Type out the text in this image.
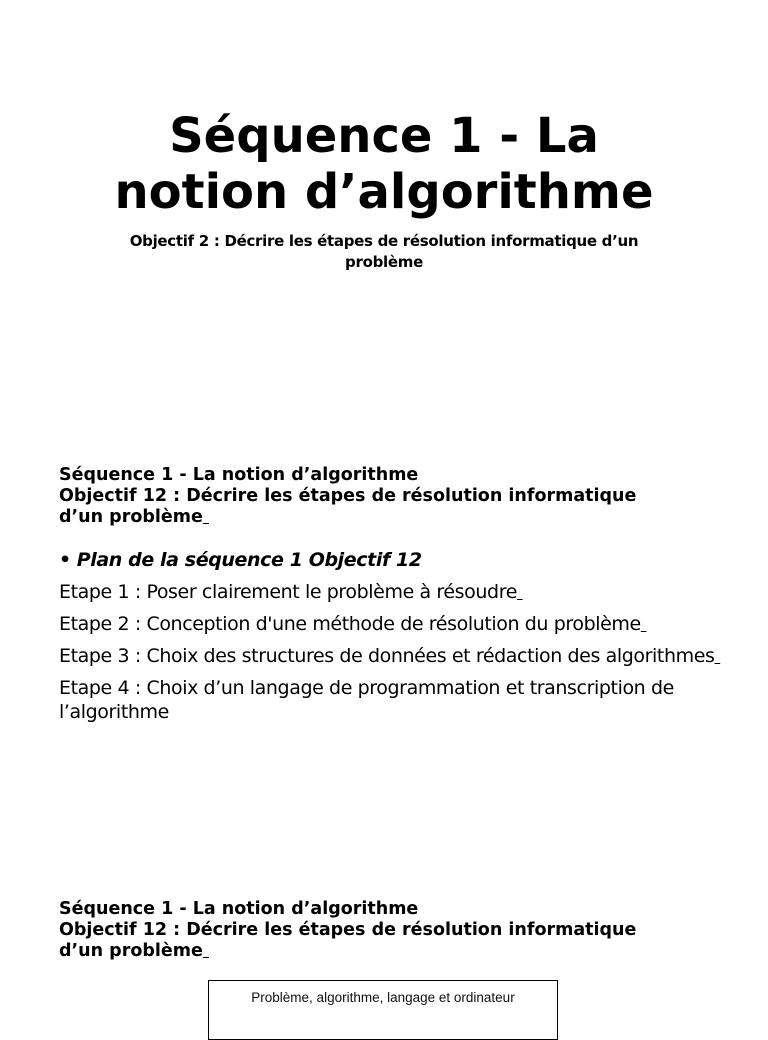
Séquence 1 - La
notion d’algorithme

Objectif 2 : Décrire les étapes de résolution informatique d’un problème

Séquence 1 - La notion d’algorithme
Objectif 12 : Décrire les étapes de résolution informatique
d’un problème
• Plan de la séquence 1 Objectif 12
Etape 1 : Poser clairement le problème à résoudre
Etape 2 : Conception d'une méthode de résolution du problème
Etape 3 : Choix des structures de données et rédaction des algorithmes
Etape 4 : Choix d’un langage de programmation et transcription de l’algorithme
Séquence 1 - La notion d’algorithme
Objectif 12 : Décrire les étapes de résolution informatique
d’un problème
Problème, algorithme, langage et ordinateur
